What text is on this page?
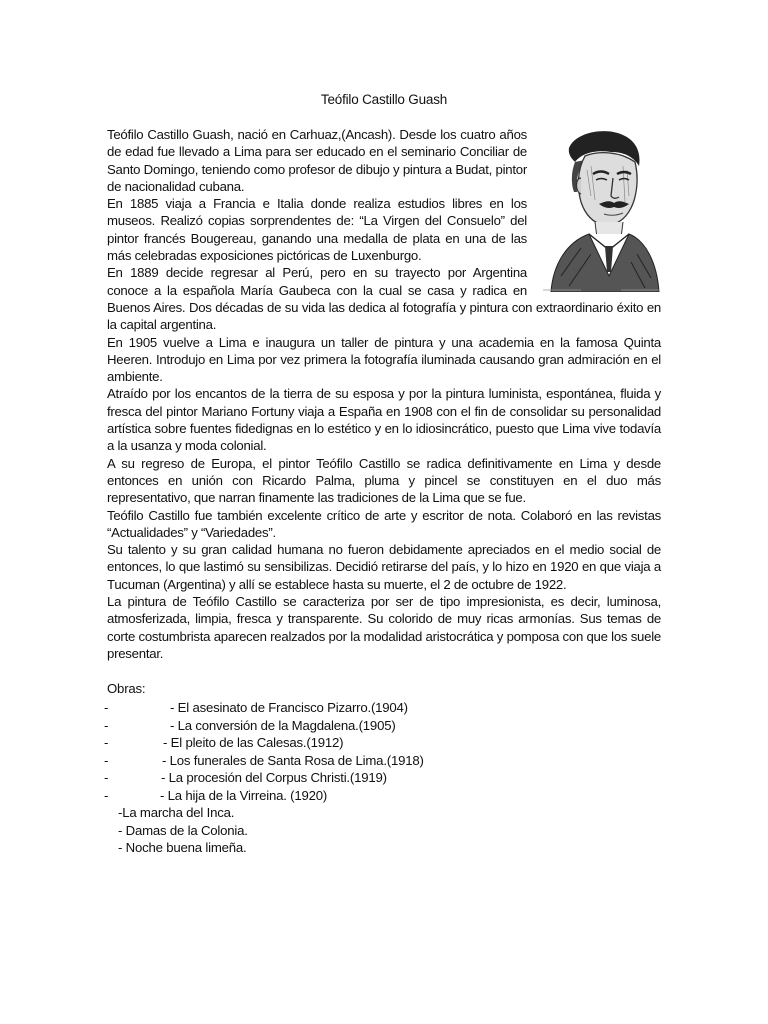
Teófilo Castillo Guash

Teófilo Castillo Guash, nació en Carhuaz,(Ancash). Desde los cuatro años de edad fue llevado a Lima para ser educado en el seminario Conciliar de Santo Domingo, teniendo como profesor de dibujo y pintura a Budat, pintor de nacionalidad cubana.

En 1885 viaja a Francia e Italia donde realiza estudios libres en los museos. Realizó copias sorprendentes de: “La Virgen del Consuelo” del pintor francés Bougereau, ganando una medalla de plata en una de las más celebradas exposiciones pictóricas de Luxenburgo.

En 1889 decide regresar al Perú, pero en su trayecto por Argentina conoce a la española María Gaubeca con la cual se casa y radica en Buenos Aires. Dos décadas de su vida las dedica al fotografía y pintura con extraordinario éxito en la capital argentina.

En 1905 vuelve a Lima e inaugura un taller de pintura y una academia en la famosa Quinta Heeren. Introdujo en Lima por vez primera la fotografía iluminada causando gran admiración en el ambiente.

Atraído por los encantos de la tierra de su esposa y por la pintura luminista, espontánea, fluida y fresca del pintor Mariano Fortuny viaja a España en 1908 con el fin de consolidar su personalidad artística sobre fuentes fidedignas en lo estético y en lo idiosincrático, puesto que Lima vive todavía a la usanza y moda colonial.

A su regreso de Europa, el pintor Teófilo Castillo se radica definitivamente en Lima y desde entonces en unión con Ricardo Palma, pluma y pincel se constituyen en el duo más representativo, que narran finamente las tradiciones de la Lima que se fue.

Teófilo Castillo fue también excelente crítico de arte y escritor de nota. Colaboró en las revistas “Actualidades” y “Variedades”.

Su talento y su gran calidad humana no fueron debidamente apreciados en el medio social de entonces, lo que lastimó su sensibilizas. Decidió retirarse del país, y lo hizo en 1920 en que viaja a Tucuman (Argentina) y allí se establece hasta su muerte, el 2 de octubre de 1922.

La pintura de Teófilo Castillo se caracteriza por ser de tipo impresionista, es decir, luminosa, atmosferizada, limpia, fresca y transparente. Su colorido de muy ricas armonías. Sus temas de corte costumbrista aparecen realzados por la modalidad aristocrática y pomposa con que los suele presentar.

Obras:
-	- El asesinato de Francisco Pizarro.(1904)
-	- La conversión de la Magdalena.(1905)
-	- El pleito de las Calesas.(1912)
-	- Los funerales de Santa Rosa de Lima.(1918)
-	- La procesión del Corpus Christi.(1919)
-	- La hija de la Virreina. (1920)
-La marcha del Inca.
- Damas de la Colonia.
- Noche buena limeña.
